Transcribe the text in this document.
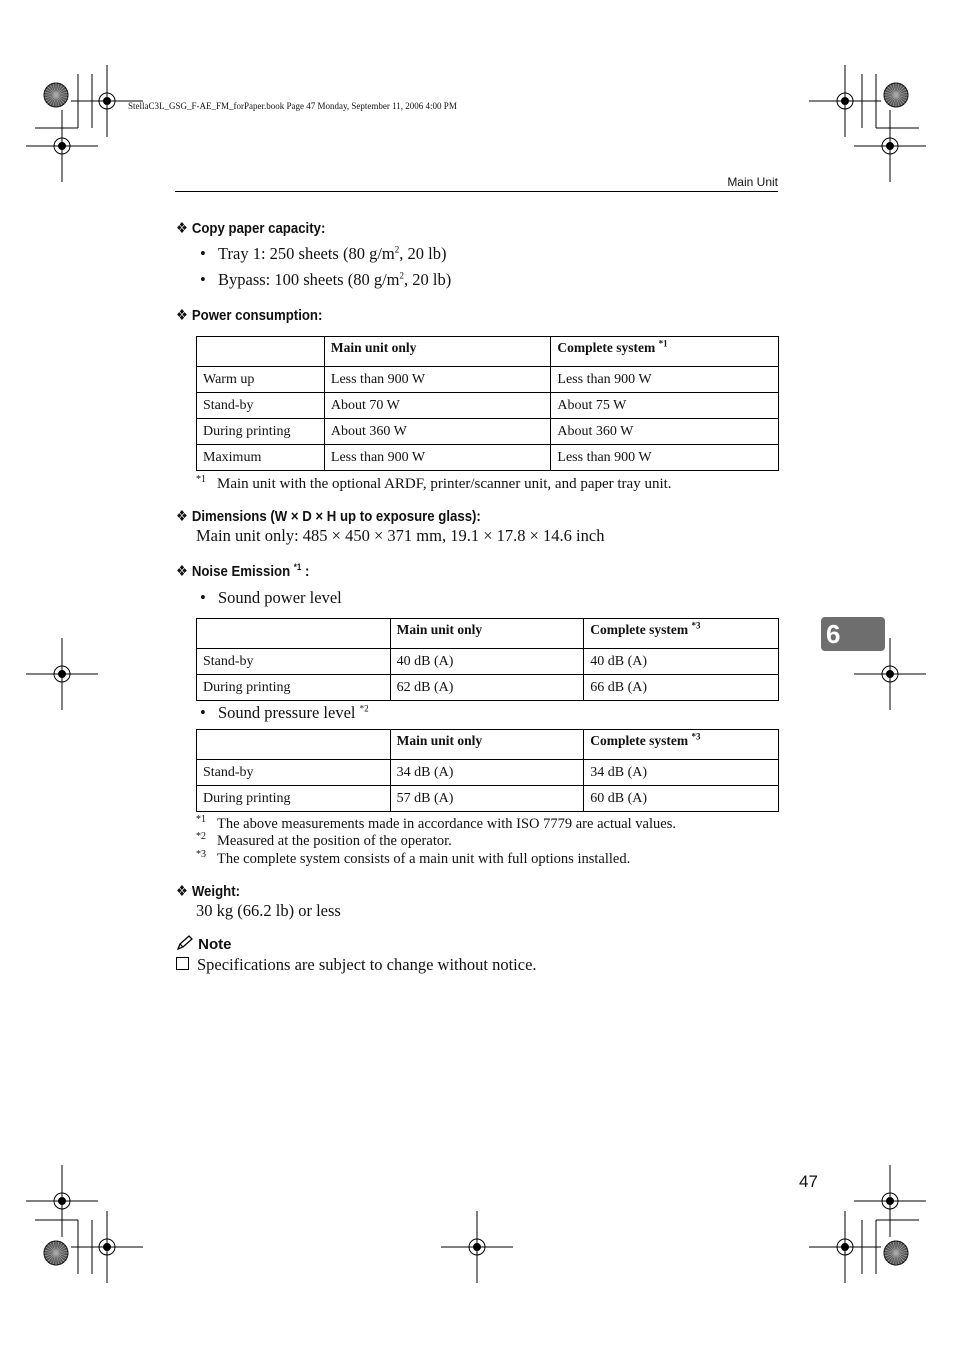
StellaC3L_GSG_F-AE_FM_forPaper.book Page 47 Monday, September 11, 2006 4:00 PM
Main Unit
❖ Copy paper capacity:
• Tray 1: 250 sheets (80 $g/m^2$, 20 lb)
• Bypass: 100 sheets (80 $g/m^2$, 20 lb)
❖ Power consumption:
	Main unit only	Complete system $^{*1}$
Warm up	Less than 900 W	Less than 900 W
Stand-by	About 70 W	About 75 W
During printing	About 360 W	About 360 W
Maximum	Less than 900 W	Less than 900 W
*1 Main unit with the optional ARDF, printer/scanner unit, and paper tray unit.
❖ Dimensions (W × D × H up to exposure glass):
Main unit only: 485 × 450 × 371 mm, 19.1 × 17.8 × 14.6 inch
❖ Noise Emission $^{*1}$ :
• Sound power level
	Main unit only	Complete system $^{*3}$
Stand-by	40 dB (A)	40 dB (A)
During printing	62 dB (A)	66 dB (A)
• Sound pressure level $^{*2}$
	Main unit only	Complete system $^{*3}$
Stand-by	34 dB (A)	34 dB (A)
During printing	57 dB (A)	60 dB (A)
*1 The above measurements made in accordance with ISO 7779 are actual values.
*2 Measured at the position of the operator.
*3 The complete system consists of a main unit with full options installed.
❖ Weight:
30 kg (66.2 lb) or less
Note
Specifications are subject to change without notice.
6
47
